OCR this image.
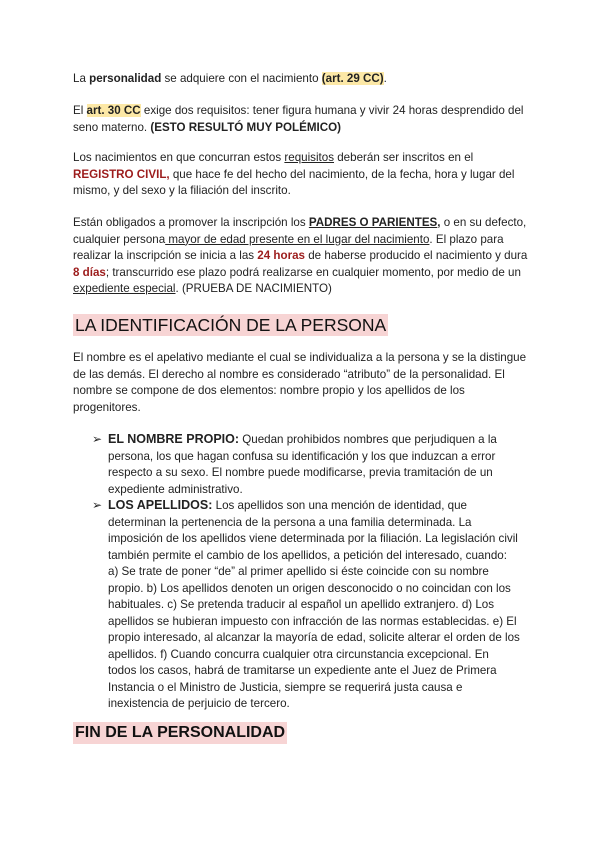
La personalidad se adquiere con el nacimiento (art. 29 CC).

El art. 30 CC exige dos requisitos: tener figura humana y vivir 24 horas desprendido del seno materno. (ESTO RESULTÓ MUY POLÉMICO)

Los nacimientos en que concurran estos requisitos deberán ser inscritos en el REGISTRO CIVIL, que hace fe del hecho del nacimiento, de la fecha, hora y lugar del mismo, y del sexo y la filiación del inscrito.

Están obligados a promover la inscripción los PADRES O PARIENTES, o en su defecto, cualquier persona mayor de edad presente en el lugar del nacimiento. El plazo para realizar la inscripción se inicia a las 24 horas de haberse producido el nacimiento y dura 8 días; transcurrido ese plazo podrá realizarse en cualquier momento, por medio de un expediente especial. (PRUEBA DE NACIMIENTO)

LA IDENTIFICACIÓN DE LA PERSONA

El nombre es el apelativo mediante el cual se individualiza a la persona y se la distingue de las demás. El derecho al nombre es considerado “atributo” de la personalidad. El nombre se compone de dos elementos: nombre propio y los apellidos de los progenitores.

➢ EL NOMBRE PROPIO: Quedan prohibidos nombres que perjudiquen a la persona, los que hagan confusa su identificación y los que induzcan a error respecto a su sexo. El nombre puede modificarse, previa tramitación de un expediente administrativo.

➢ LOS APELLIDOS: Los apellidos son una mención de identidad, que determinan la pertenencia de la persona a una familia determinada. La imposición de los apellidos viene determinada por la filiación. La legislación civil también permite el cambio de los apellidos, a petición del interesado, cuando: a) Se trate de poner “de” al primer apellido si éste coincide con su nombre propio. b) Los apellidos denoten un origen desconocido o no coincidan con los habituales. c) Se pretenda traducir al español un apellido extranjero. d) Los apellidos se hubieran impuesto con infracción de las normas establecidas. e) El propio interesado, al alcanzar la mayoría de edad, solicite alterar el orden de los apellidos. f) Cuando concurra cualquier otra circunstancia excepcional. En todos los casos, habrá de tramitarse un expediente ante el Juez de Primera Instancia o el Ministro de Justicia, siempre se requerirá justa causa e inexistencia de perjuicio de tercero.

FIN DE LA PERSONALIDAD
